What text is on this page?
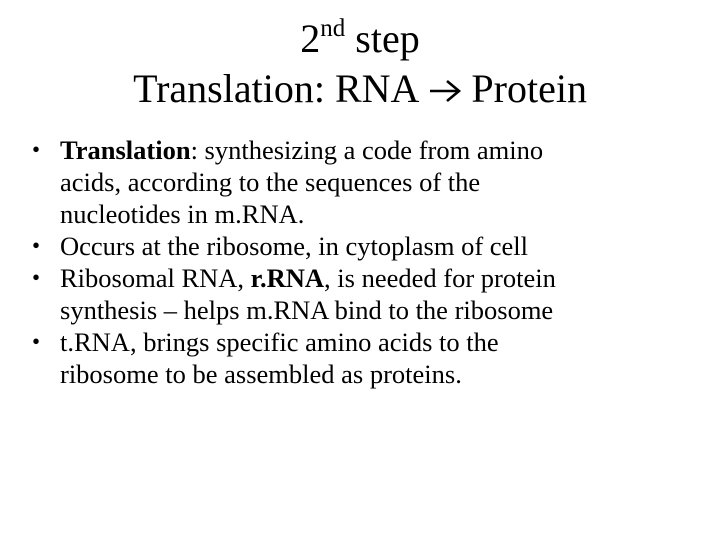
2nd step
Translation: RNA Protein
• Translation: synthesizing a code from amino
acids, according to the sequences of the
nucleotides in m.RNA.
• Occurs at the ribosome, in cytoplasm of cell
• Ribosomal RNA, r.RNA, is needed for protein
synthesis – helps m.RNA bind to the ribosome
• t.RNA, brings specific amino acids to the
ribosome to be assembled as proteins.
